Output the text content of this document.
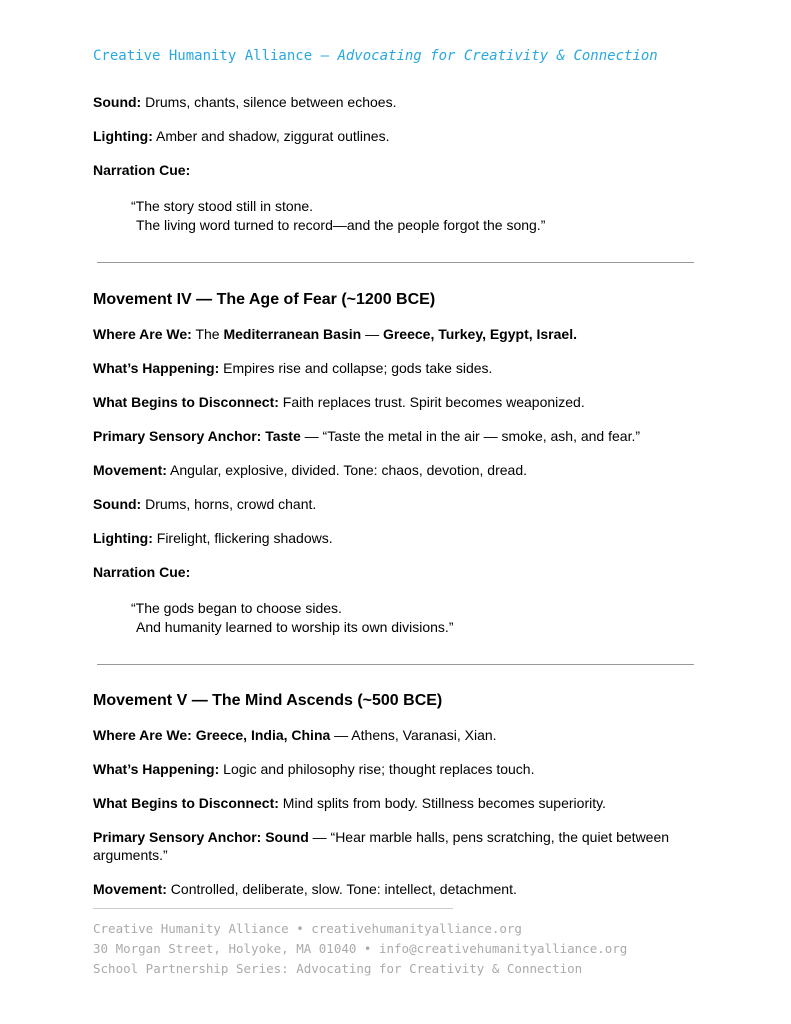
Creative Humanity Alliance — Advocating for Creativity & Connection

Sound: Drums, chants, silence between echoes.

Lighting: Amber and shadow, ziggurat outlines.

Narration Cue:

“The story stood still in stone.
The living word turned to record—and the people forgot the song.”

Movement IV — The Age of Fear (~1200 BCE)

Where Are We: The Mediterranean Basin — Greece, Turkey, Egypt, Israel.

What’s Happening: Empires rise and collapse; gods take sides.

What Begins to Disconnect: Faith replaces trust. Spirit becomes weaponized.

Primary Sensory Anchor: Taste — “Taste the metal in the air — smoke, ash, and fear.”

Movement: Angular, explosive, divided. Tone: chaos, devotion, dread.

Sound: Drums, horns, crowd chant.

Lighting: Firelight, flickering shadows.

Narration Cue:

“The gods began to choose sides.
And humanity learned to worship its own divisions.”

Movement V — The Mind Ascends (~500 BCE)

Where Are We: Greece, India, China — Athens, Varanasi, Xian.

What’s Happening: Logic and philosophy rise; thought replaces touch.

What Begins to Disconnect: Mind splits from body. Stillness becomes superiority.

Primary Sensory Anchor: Sound — “Hear marble halls, pens scratching, the quiet between arguments.”

Movement: Controlled, deliberate, slow. Tone: intellect, detachment.

Creative Humanity Alliance • creativehumanityalliance.org
30 Morgan Street, Holyoke, MA 01040 • info@creativehumanityalliance.org
School Partnership Series: Advocating for Creativity & Connection
